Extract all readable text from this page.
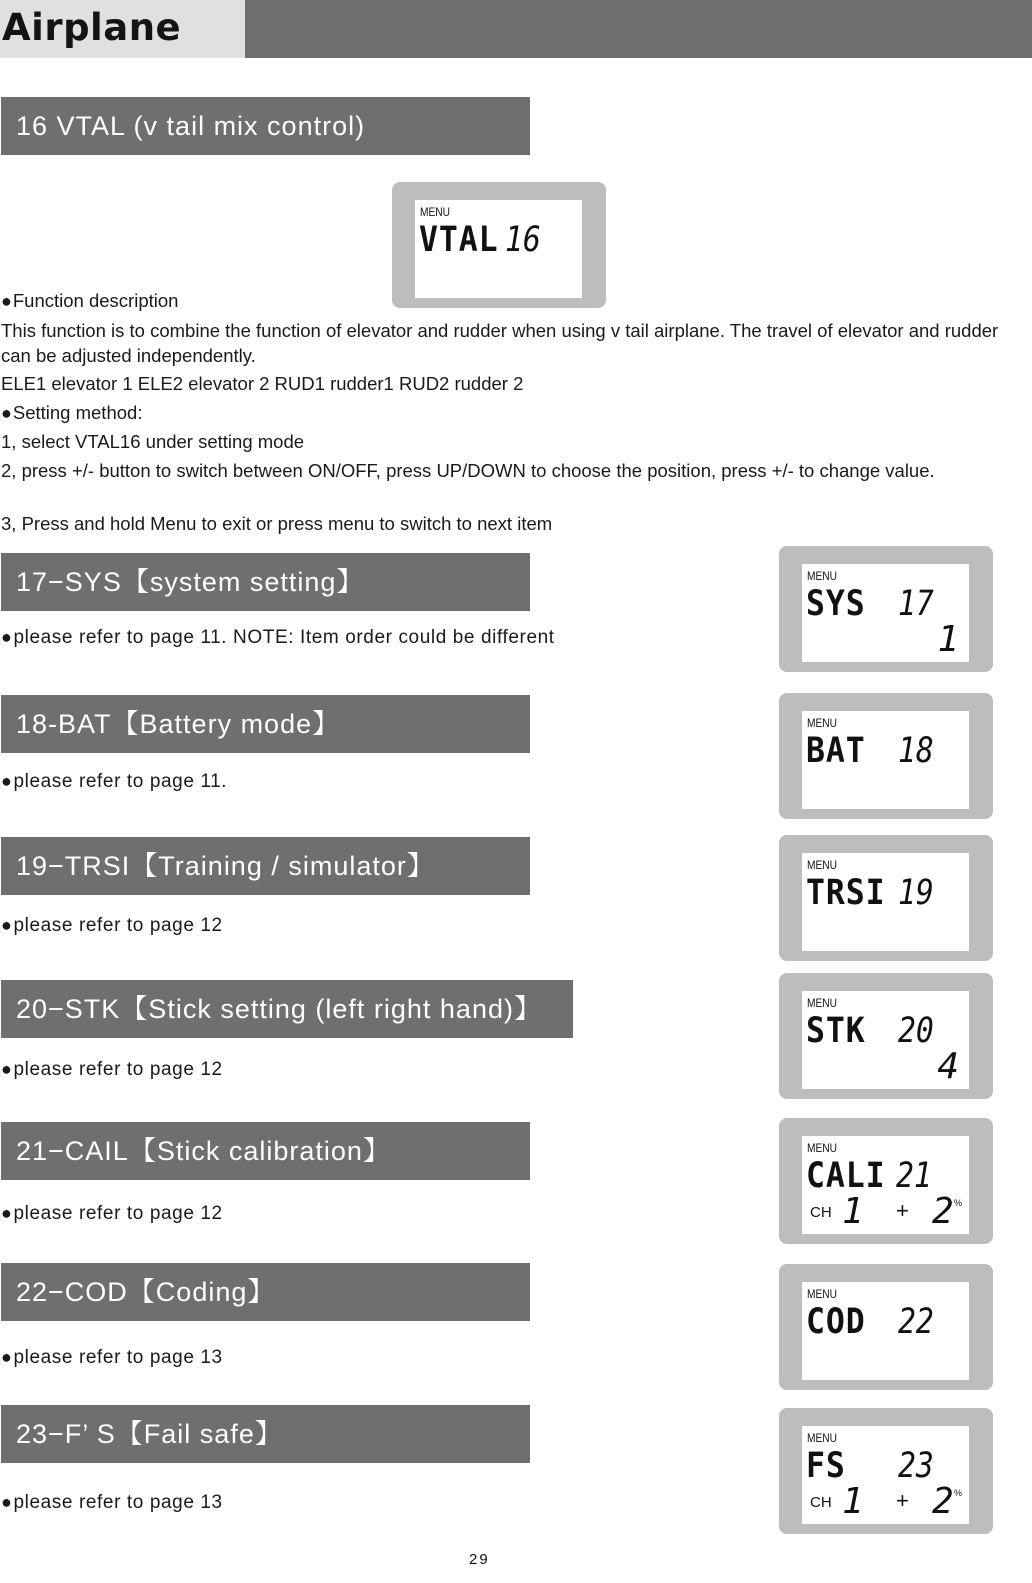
Airplane
16 VTAL (v tail mix control)
MENU
VTAL 16
●Function description
This function is to combine the function of elevator and rudder when using v tail airplane. The travel of elevator and rudder can be adjusted independently.
ELE1 elevator 1 ELE2 elevator 2 RUD1 rudder1 RUD2 rudder 2
●Setting method:
1, select VTAL16 under setting mode
2, press +/- button to switch between ON/OFF, press UP/DOWN to choose the position, press +/- to change value.
3, Press and hold Menu to exit or press menu to switch to next item
17−SYS【system setting】
●please refer to page 11. NOTE: Item order could be different
MENU
SYS 17
1
18-BAT【Battery mode】
●please refer to page 11.
MENU
BAT 18
19−TRSI【Training / simulator】
●please refer to page 12
MENU
TRSI 19
20−STK【Stick setting (left right hand)】
●please refer to page 12
MENU
STK 20
4
21−CAIL【Stick calibration】
●please refer to page 12
MENU
CALI 21
CH 1 + 2 %
22−COD【Coding】
●please refer to page 13
MENU
COD 22
23−F’ S【Fail safe】
●please refer to page 13
MENU
FS 23
CH 1 + 2 %
29
